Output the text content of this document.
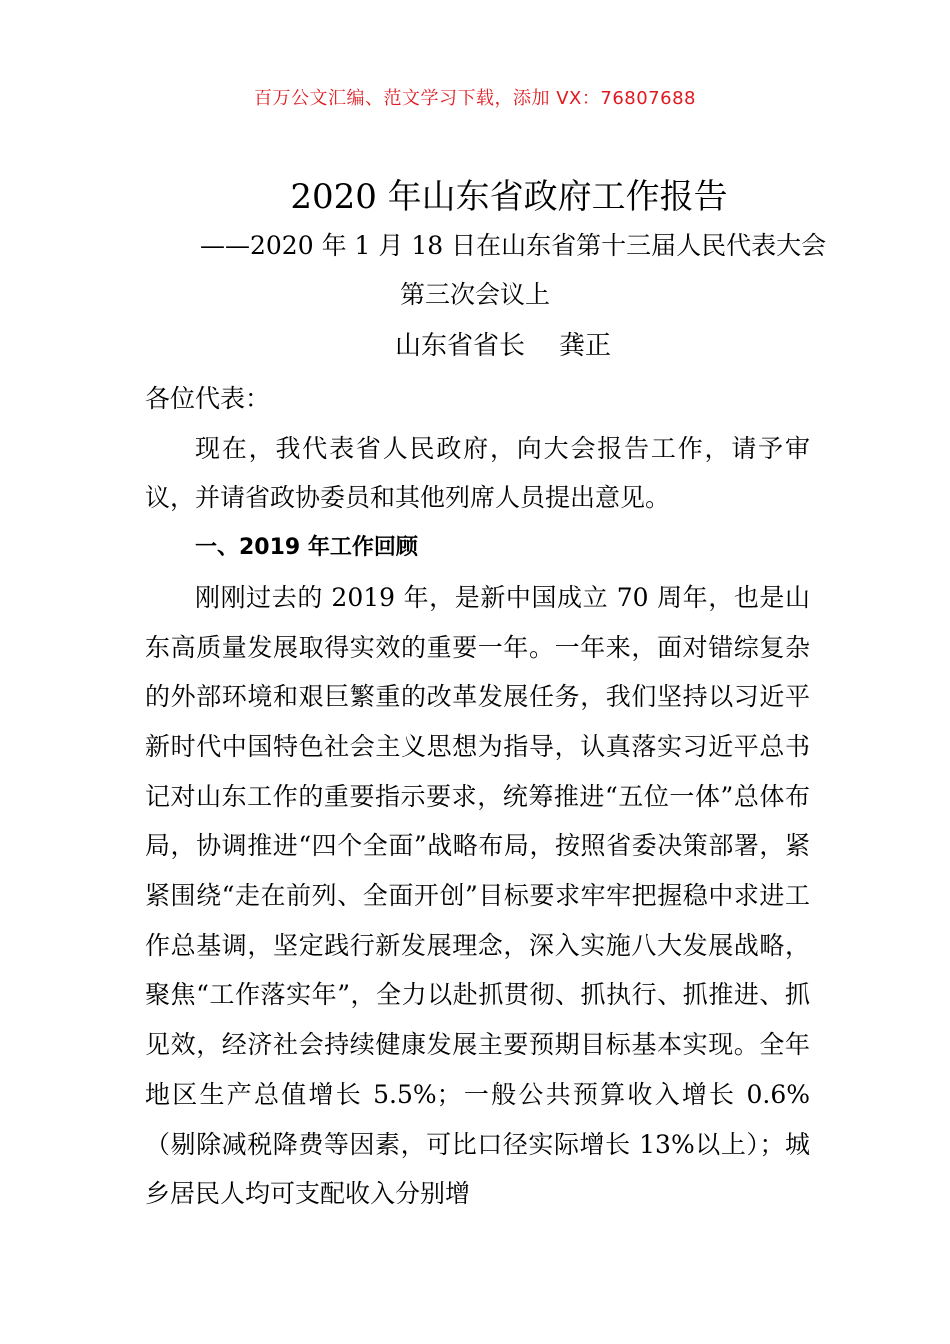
百万公文汇编、范文学习下载，添加 VX：76807688
2020 年山东省政府工作报告
——2020 年 1 月 18 日在山东省第十三届人民代表大会
第三次会议上
山东省省长 龚正

各位代表：

现在，我代表省人民政府，向大会报告工作，请予审议，并请省政协委员和其他列席人员提出意见。

一、2019 年工作回顾

刚刚过去的 2019 年，是新中国成立 70 周年，也是山东高质量发展取得实效的重要一年。一年来，面对错综复杂的外部环境和艰巨繁重的改革发展任务，我们坚持以习近平新时代中国特色社会主义思想为指导，认真落实习近平总书记对山东工作的重要指示要求，统筹推进“五位一体”总体布局，协调推进“四个全面”战略布局，按照省委决策部署，紧紧围绕“走在前列、全面开创”目标要求牢牢把握稳中求进工作总基调，坚定践行新发展理念，深入实施八大发展战略，聚焦“工作落实年”，全力以赴抓贯彻、抓执行、抓推进、抓见效，经济社会持续健康发展主要预期目标基本实现。全年地区生产总值增长 5.5%；一般公共预算收入增长 0.6%（剔除减税降费等因素，可比口径实际增长 13%以上）；城乡居民人均可支配收入分别增
